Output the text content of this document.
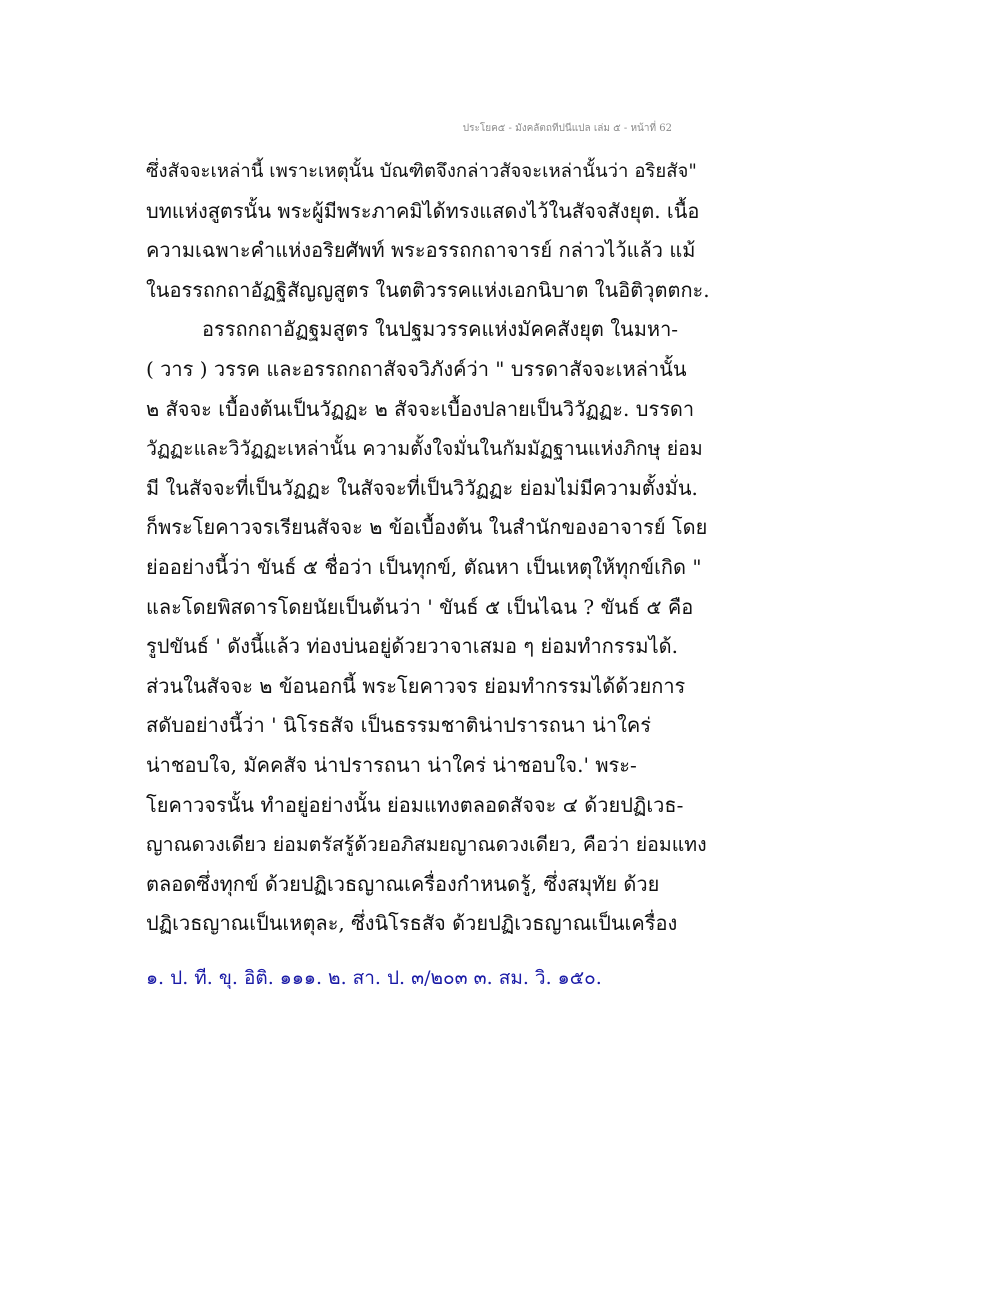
ประโยค๕ - มังคลัตถทีปนีแปล เล่ม ๕ - หน้าที่ 62
ซึ่งสัจจะเหล่านี้ เพราะเหตุนั้น บัณฑิตจึงกล่าวสัจจะเหล่านั้นว่า อริยสัจ"
บทแห่งสูตรนั้น พระผู้มีพระภาคมิได้ทรงแสดงไว้ในสัจจสังยุต. เนื้อ
ความเฉพาะคำแห่งอริยศัพท์ พระอรรถกถาจารย์ กล่าวไว้แล้ว แม้
ในอรรถกถาอัฏฐิสัญญสูตร ในตติวรรคแห่งเอกนิบาต ในอิติวุตตกะ.
อรรถกถาอัฏฐมสูตร ในปฐมวรรคแห่งมัคคสังยุต ในมหา-
( วาร ) วรรค และอรรถกถาสัจจวิภังค์ว่า " บรรดาสัจจะเหล่านั้น
๒ สัจจะ เบื้องต้นเป็นวัฏฏะ ๒ สัจจะเบื้องปลายเป็นวิวัฏฏะ. บรรดา
วัฏฏะและวิวัฏฏะเหล่านั้น ความตั้งใจมั่นในกัมมัฏฐานแห่งภิกษุ ย่อม
มี ในสัจจะที่เป็นวัฏฏะ ในสัจจะที่เป็นวิวัฏฏะ ย่อมไม่มีความตั้งมั่น.
ก็พระโยคาวจรเรียนสัจจะ ๒ ข้อเบื้องต้น ในสำนักของอาจารย์ โดย
ย่ออย่างนี้ว่า ขันธ์ ๕ ชื่อว่า เป็นทุกข์, ตัณหา เป็นเหตุให้ทุกข์เกิด "
และโดยพิสดารโดยนัยเป็นต้นว่า ' ขันธ์ ๕ เป็นไฉน ? ขันธ์ ๕ คือ
รูปขันธ์ ' ดังนี้แล้ว ท่องบ่นอยู่ด้วยวาจาเสมอ ๆ ย่อมทำกรรมได้.
ส่วนในสัจจะ ๒ ข้อนอกนี้ พระโยคาวจร ย่อมทำกรรมได้ด้วยการ
สดับอย่างนี้ว่า ' นิโรธสัจ เป็นธรรมชาติน่าปรารถนา น่าใคร่
น่าชอบใจ, มัคคสัจ น่าปรารถนา น่าใคร่ น่าชอบใจ.' พระ-
โยคาวจรนั้น ทำอยู่อย่างนั้น ย่อมแทงตลอดสัจจะ ๔ ด้วยปฏิเวธ-
ญาณดวงเดียว ย่อมตรัสรู้ด้วยอภิสมยญาณดวงเดียว, คือว่า ย่อมแทง
ตลอดซึ่งทุกข์ ด้วยปฏิเวธญาณเครื่องกำหนดรู้, ซึ่งสมุทัย ด้วย
ปฏิเวธญาณเป็นเหตุละ, ซึ่งนิโรธสัจ ด้วยปฏิเวธญาณเป็นเครื่อง
๑. ป. ที. ขุ. อิติ. ๑๑๑. ๒. สา. ป. ๓/๒๐๓ ๓. สม. วิ. ๑๕๐.
